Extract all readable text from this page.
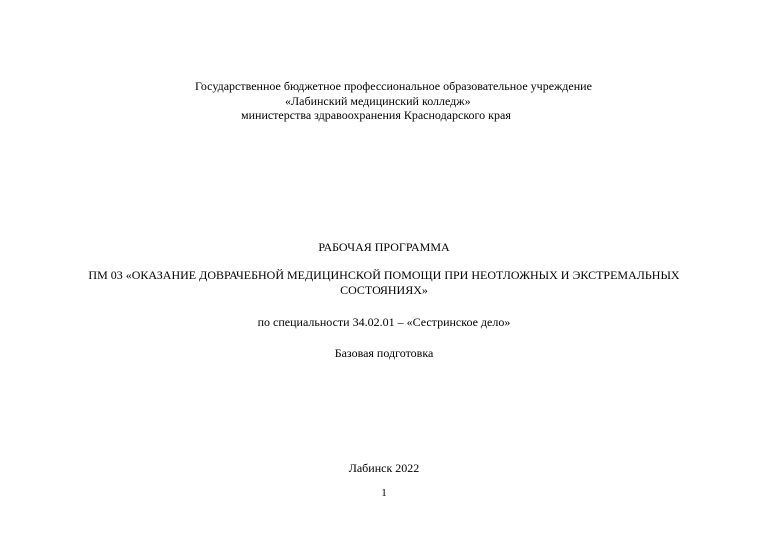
Государственное бюджетное профессиональное образовательное учреждение
«Лабинский медицинский колледж»
министерства здравоохранения Краснодарского края
РАБОЧАЯ ПРОГРАММА
ПМ 03 «ОКАЗАНИЕ ДОВРАЧЕБНОЙ МЕДИЦИНСКОЙ ПОМОЩИ ПРИ НЕОТЛОЖНЫХ И ЭКСТРЕМАЛЬНЫХ
СОСТОЯНИЯХ»
по специальности 34.02.01 – «Сестринское дело»
Базовая подготовка
Лабинск 2022
1
